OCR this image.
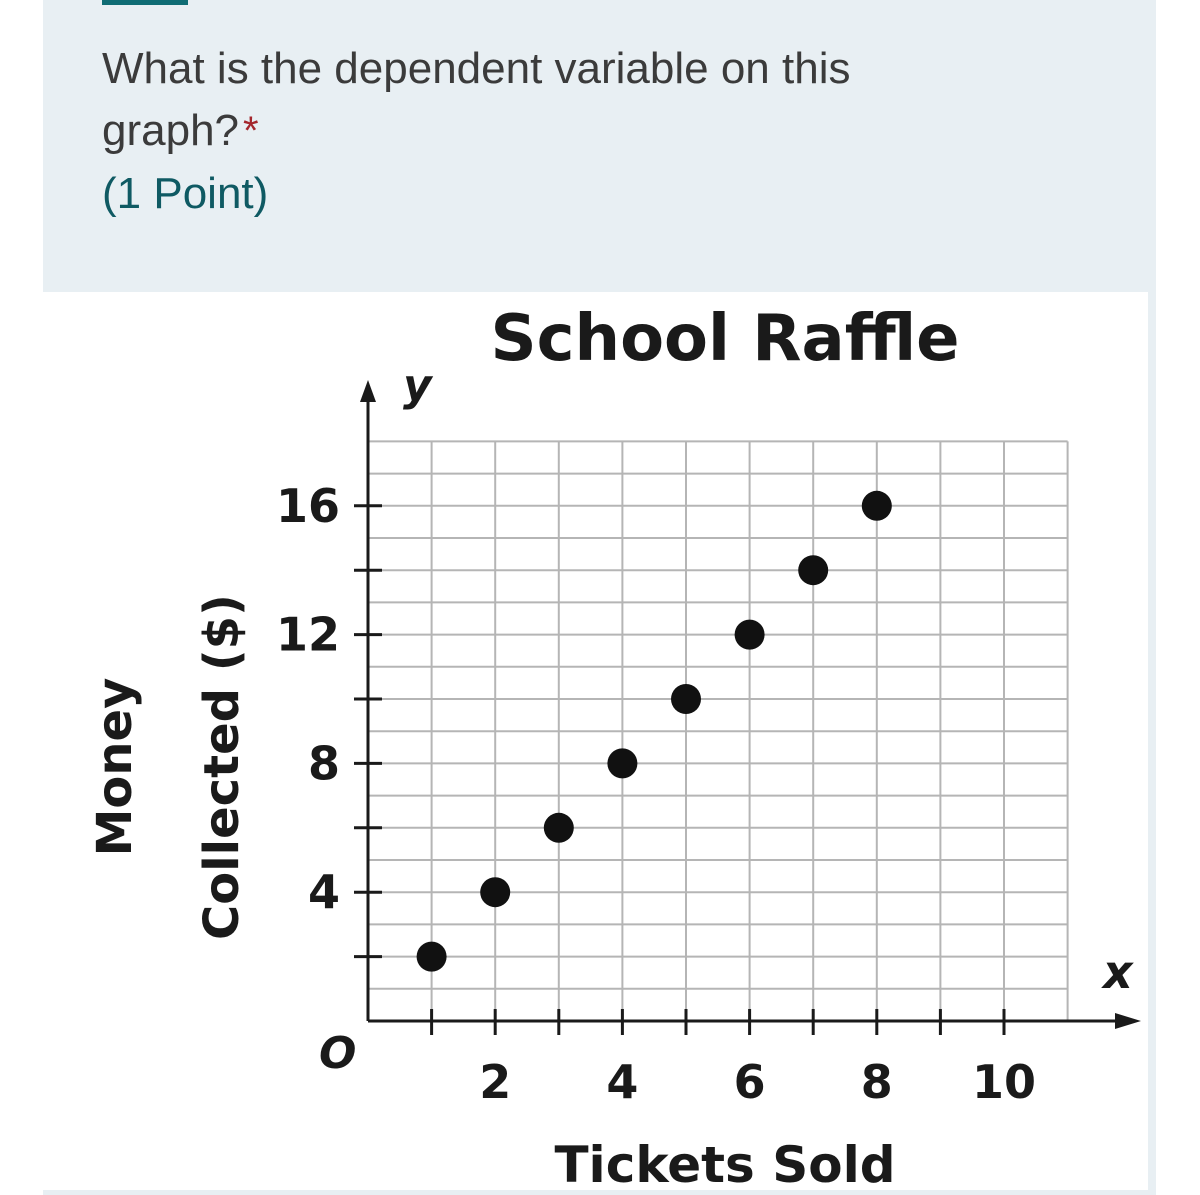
What is the dependent variable on this graph? *
(1 Point)
4
8
12
16
2 4 6 8 10
School Raffle
y
x
O
Tickets Sold
Money Collected ($)
